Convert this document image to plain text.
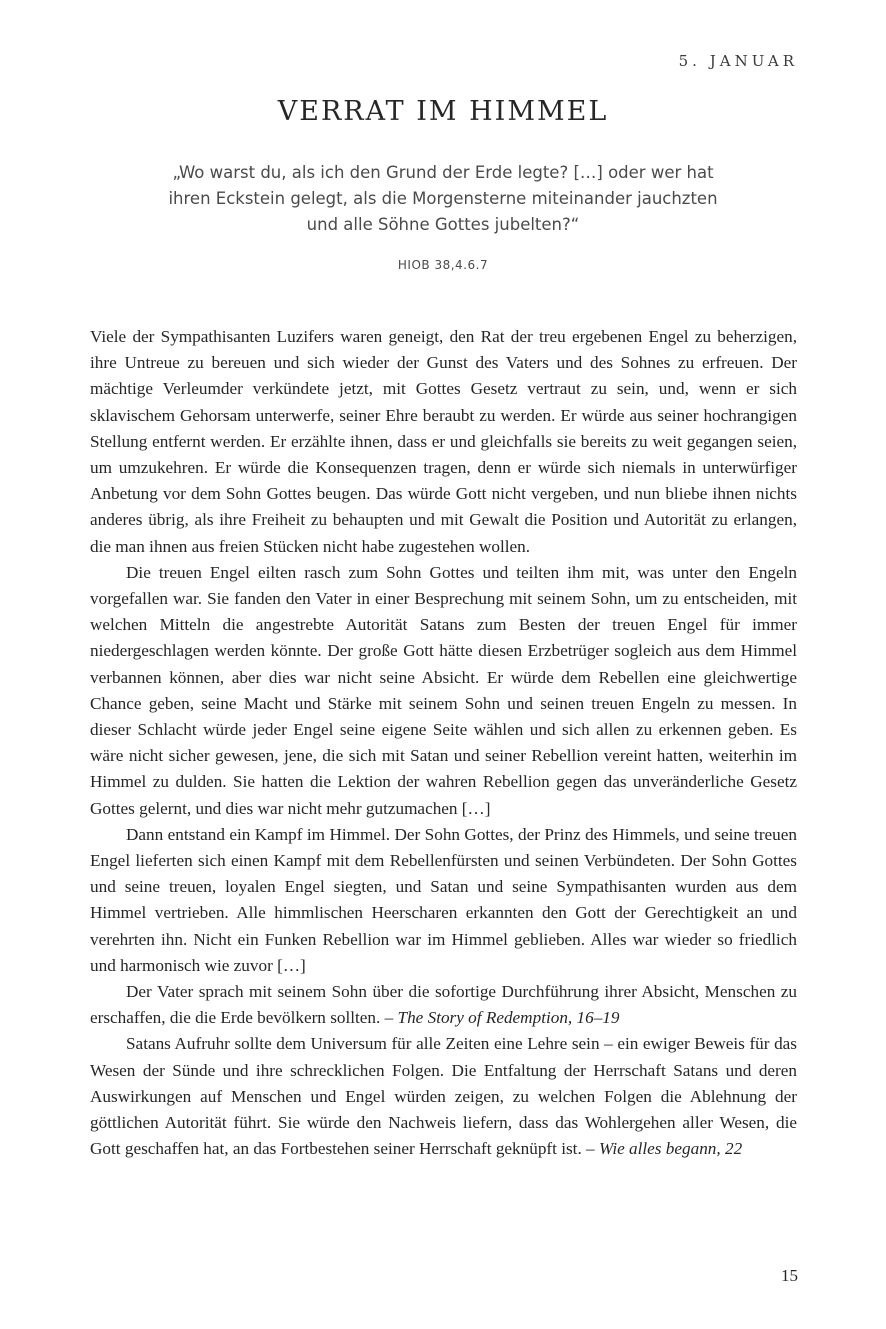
5. JANUAR
VERRAT IM HIMMEL
„Wo warst du, als ich den Grund der Erde legte? […] oder wer hat
ihren Eckstein gelegt, als die Morgensterne miteinander jauchzten
und alle Söhne Gottes jubelten?“
HIOB 38,4.6.7

Viele der Sympathisanten Luzifers waren geneigt, den Rat der treu ergebenen Engel zu beherzigen, ihre Untreue zu bereuen und sich wieder der Gunst des Vaters und des Sohnes zu erfreuen. Der mächtige Verleumder verkündete jetzt, mit Gottes Gesetz vertraut zu sein, und, wenn er sich sklavischem Gehorsam unterwerfe, seiner Ehre beraubt zu werden. Er würde aus seiner hochrangigen Stellung entfernt werden. Er erzählte ihnen, dass er und gleichfalls sie bereits zu weit gegangen seien, um umzukehren. Er würde die Konsequenzen tragen, denn er würde sich niemals in unterwürfiger Anbetung vor dem Sohn Gottes beugen. Das würde Gott nicht vergeben, und nun bliebe ihnen nichts anderes übrig, als ihre Freiheit zu behaupten und mit Gewalt die Position und Autorität zu erlangen, die man ihnen aus freien Stücken nicht habe zugestehen wollen.

Die treuen Engel eilten rasch zum Sohn Gottes und teilten ihm mit, was unter den Engeln vorgefallen war. Sie fanden den Vater in einer Besprechung mit seinem Sohn, um zu entscheiden, mit welchen Mitteln die angestrebte Autorität Satans zum Besten der treuen Engel für immer niedergeschlagen werden könnte. Der große Gott hätte diesen Erzbetrüger sogleich aus dem Himmel verbannen können, aber dies war nicht seine Absicht. Er würde dem Rebellen eine gleichwertige Chance geben, seine Macht und Stärke mit seinem Sohn und seinen treuen Engeln zu messen. In dieser Schlacht würde jeder Engel seine eigene Seite wählen und sich allen zu erkennen geben. Es wäre nicht sicher gewesen, jene, die sich mit Satan und seiner Rebellion vereint hatten, weiterhin im Himmel zu dulden. Sie hatten die Lektion der wahren Rebellion gegen das unveränderliche Gesetz Gottes gelernt, und dies war nicht mehr gutzumachen […]

Dann entstand ein Kampf im Himmel. Der Sohn Gottes, der Prinz des Himmels, und seine treuen Engel lieferten sich einen Kampf mit dem Rebellenfürsten und seinen Verbündeten. Der Sohn Gottes und seine treuen, loyalen Engel siegten, und Satan und seine Sympathisanten wurden aus dem Himmel vertrieben. Alle himmlischen Heerscharen erkannten den Gott der Gerechtigkeit an und verehrten ihn. Nicht ein Funken Rebellion war im Himmel geblieben. Alles war wieder so friedlich und harmonisch wie zuvor […]

Der Vater sprach mit seinem Sohn über die sofortige Durchführung ihrer Absicht, Menschen zu erschaffen, die die Erde bevölkern sollten. – The Story of Redemption, 16–19

Satans Aufruhr sollte dem Universum für alle Zeiten eine Lehre sein – ein ewiger Beweis für das Wesen der Sünde und ihre schrecklichen Folgen. Die Entfaltung der Herrschaft Satans und deren Auswirkungen auf Menschen und Engel würden zeigen, zu welchen Folgen die Ablehnung der göttlichen Autorität führt. Sie würde den Nachweis liefern, dass das Wohlergehen aller Wesen, die Gott geschaffen hat, an das Fortbestehen seiner Herrschaft geknüpft ist. – Wie alles begann, 22

15
